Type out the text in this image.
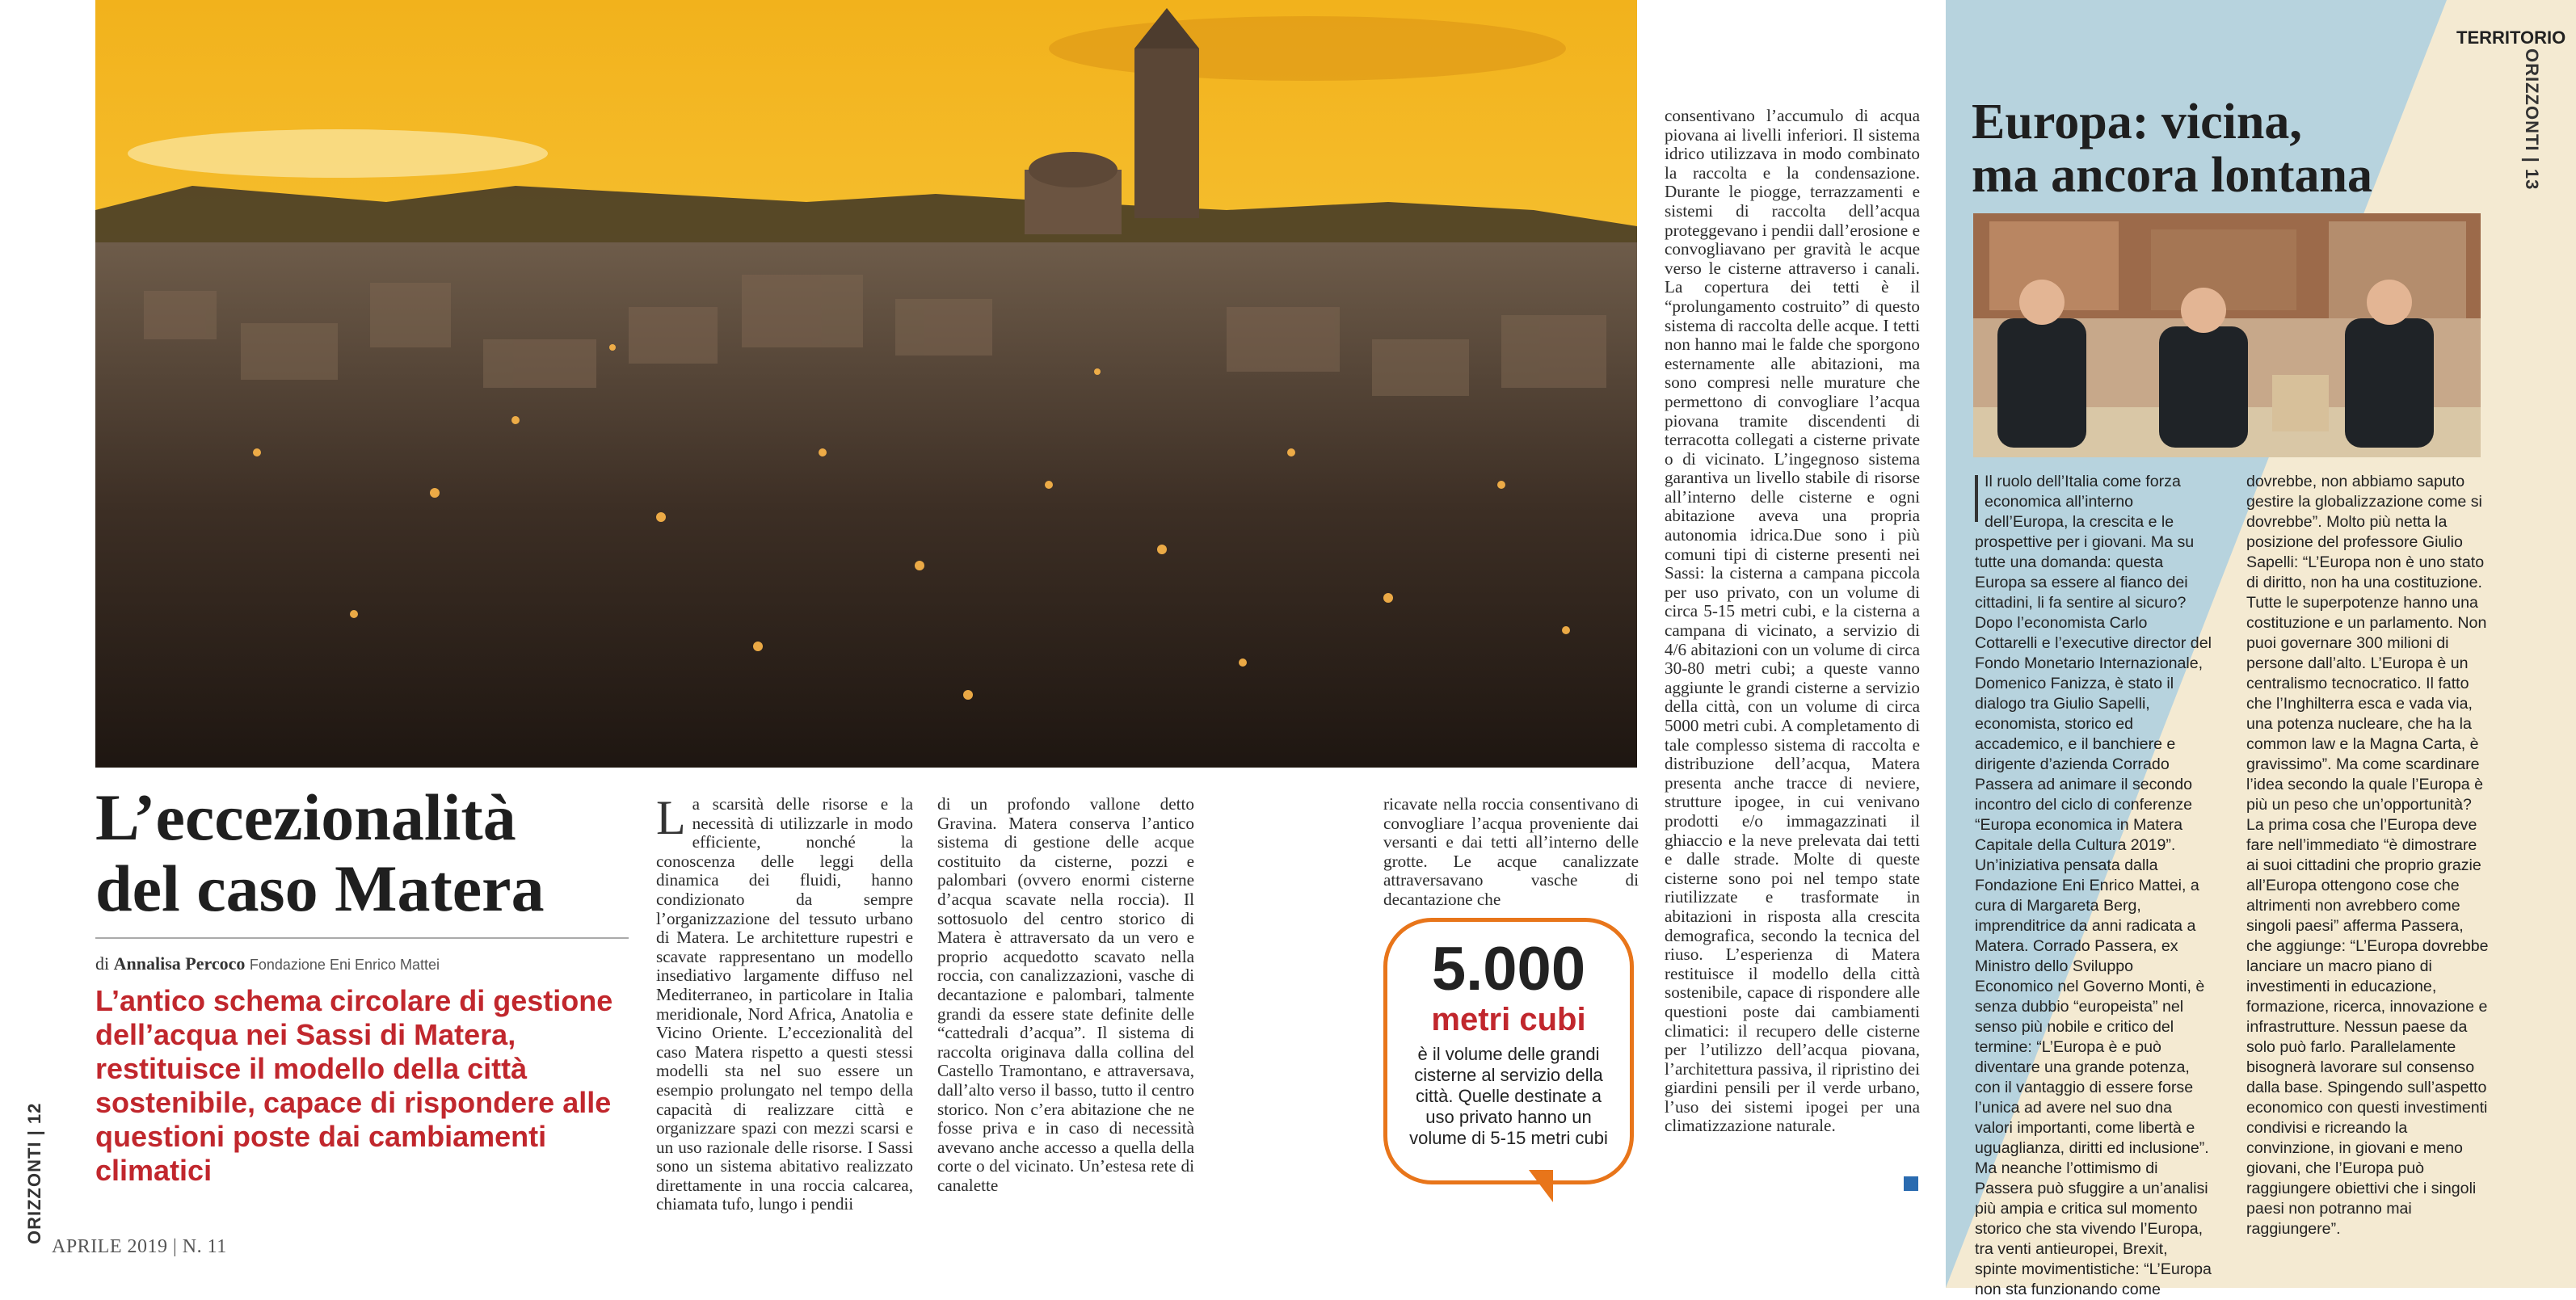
ORIZZONTI | 12
APRILE 2019 | N. 11
L’eccezionalità
del caso Matera
di Annalisa Percoco Fondazione Eni Enrico Mattei
L’antico schema circolare di gestione dell’acqua nei Sassi di Matera, restituisce il modello della città sostenibile, capace di rispondere alle questioni poste dai cambiamenti climatici
L a scarsità delle risorse e la necessità di utilizzarle in modo efficiente, nonché la conoscenza delle leggi della dinamica dei fluidi, hanno condizionato da sempre l’organizzazione del tessuto urbano di Matera. Le architetture rupestri e scavate rappresentano un modello insediativo largamente diffuso nel Mediterraneo, in particolare in Italia meridionale, Nord Africa, Anatolia e Vicino Oriente. L’eccezionalità del caso Matera rispetto a questi stessi modelli sta nel suo essere un esempio prolungato nel tempo della capacità di realizzare città e organizzare spazi con mezzi scarsi e un uso razionale delle risorse. I Sassi sono un sistema abitativo realizzato direttamente in una roccia calcarea, chiamata tufo, lungo i pendii
di un profondo vallone detto Gravina. Matera conserva l’antico sistema di gestione delle acque costituito da cisterne, pozzi e palombari (ovvero enormi cisterne d’acqua scavate nella roccia). Il sottosuolo del centro storico di Matera è attraversato da un vero e proprio acquedotto scavato nella roccia, con canalizzazioni, vasche di decantazione e palombari, talmente grandi da essere state definite delle “cattedrali d’acqua”. Il sistema di raccolta originava dalla collina del Castello Tramontano, e attraversava, dall’alto verso il basso, tutto il centro storico. Non c’era abitazione che ne fosse priva e in caso di necessità avevano anche accesso a quella della corte o del vicinato. Un’estesa rete di canalette
ricavate nella roccia consentivano di convogliare l’acqua proveniente dai versanti e dai tetti all’interno delle grotte. Le acque canalizzate attraversavano vasche di decantazione che
consentivano l’accumulo di acqua piovana ai livelli inferiori. Il sistema idrico utilizzava in modo combinato la raccolta e la condensazione. Durante le piogge, terrazzamenti e sistemi di raccolta dell’acqua proteggevano i pendii dall’erosione e convogliavano per gravità le acque verso le cisterne attraverso i canali. La copertura dei tetti è il “prolungamento costruito” di questo sistema di raccolta delle acque. I tetti non hanno mai le falde che sporgono esternamente alle abitazioni, ma sono compresi nelle murature che permettono di convogliare l’acqua piovana tramite discendenti di terracotta collegati a cisterne private o di vicinato. L’ingegnoso sistema garantiva un livello stabile di risorse all’interno delle cisterne e ogni abitazione aveva una propria autonomia idrica.Due sono i più comuni tipi di cisterne presenti nei Sassi: la cisterna a campana piccola per uso privato, con un volume di circa 5-15 metri cubi, e la cisterna a campana di vicinato, a servizio di 4/6 abitazioni con un volume di circa 30-80 metri cubi; a queste vanno aggiunte le grandi cisterne a servizio della città, con un volume di circa 5000 metri cubi. A completamento di tale complesso sistema di raccolta e distribuzione dell’acqua, Matera presenta anche tracce di neviere, strutture ipogee, in cui venivano prodotti e/o immagazzinati il ghiaccio e la neve prelevata dai tetti e dalle strade. Molte di queste cisterne sono poi nel tempo state riutilizzate e trasformate in abitazioni in risposta alla crescita demografica, secondo la tecnica del riuso. L’esperienza di Matera restituisce il modello della città sostenibile, capace di rispondere alle questioni poste dai cambiamenti climatici: il recupero delle cisterne per l’utilizzo dell’acqua piovana, l’architettura passiva, il ripristino dei giardini pensili per il verde urbano, l’uso dei sistemi ipogei per una climatizzazione naturale.
5.000
metri cubi
è il volume delle grandi cisterne al servizio della città. Quelle destinate a uso privato hanno un volume di 5-15 metri cubi
TERRITORIO
ORIZZONTI | 13
Europa: vicina,
ma ancora lontana
Il ruolo dell’Italia come forza economica all’interno dell’Europa, la crescita e le prospettive per i giovani. Ma su tutte una domanda: questa Europa sa essere al fianco dei cittadini, li fa sentire al sicuro? Dopo l’economista Carlo Cottarelli e l’executive director del Fondo Monetario Internazionale, Domenico Fanizza, è stato il dialogo tra Giulio Sapelli, economista, storico ed accademico, e il banchiere e dirigente d’azienda Corrado Passera ad animare il secondo incontro del ciclo di conferenze “Europa economica in Matera Capitale della Cultura 2019”. Un’iniziativa pensata dalla Fondazione Eni Enrico Mattei, a cura di Margareta Berg, imprenditrice da anni radicata a Matera. Corrado Passera, ex Ministro dello Sviluppo Economico nel Governo Monti, è senza dubbio “europeista” nel senso più nobile e critico del termine: “L’Europa è e può diventare una grande potenza, con il vantaggio di essere forse l’unica ad avere nel suo dna valori importanti, come libertà e uguaglianza, diritti ed inclusione”. Ma neanche l’ottimismo di Passera può sfuggire a un’analisi più ampia e critica sul momento storico che sta vivendo l’Europa, tra venti antieuropei, Brexit, spinte movimentistiche: “L’Europa non sta funzionando come
dovrebbe, non abbiamo saputo gestire la globalizzazione come si dovrebbe”. Molto più netta la posizione del professore Giulio Sapelli: “L’Europa non è uno stato di diritto, non ha una costituzione. Tutte le superpotenze hanno una costituzione e un parlamento. Non puoi governare 300 milioni di persone dall’alto. L’Europa è un centralismo tecnocratico. Il fatto che l’Inghilterra esca e vada via, una potenza nucleare, che ha la common law e la Magna Carta, è gravissimo”. Ma come scardinare l’idea secondo la quale l’Europa è più un peso che un’opportunità? La prima cosa che l’Europa deve fare nell’immediato “è dimostrare ai suoi cittadini che proprio grazie all’Europa ottengono cose che altrimenti non avrebbero come singoli paesi” afferma Passera, che aggiunge: “L’Europa dovrebbe lanciare un macro piano di investimenti in educazione, formazione, ricerca, innovazione e infrastrutture. Nessun paese da solo può farlo. Parallelamente bisognerà lavorare sul consenso dalla base. Spingendo sull’aspetto economico con questi investimenti condivisi e ricreando la convinzione, in giovani e meno giovani, che l’Europa può raggiungere obiettivi che i singoli paesi non potranno mai raggiungere”.
